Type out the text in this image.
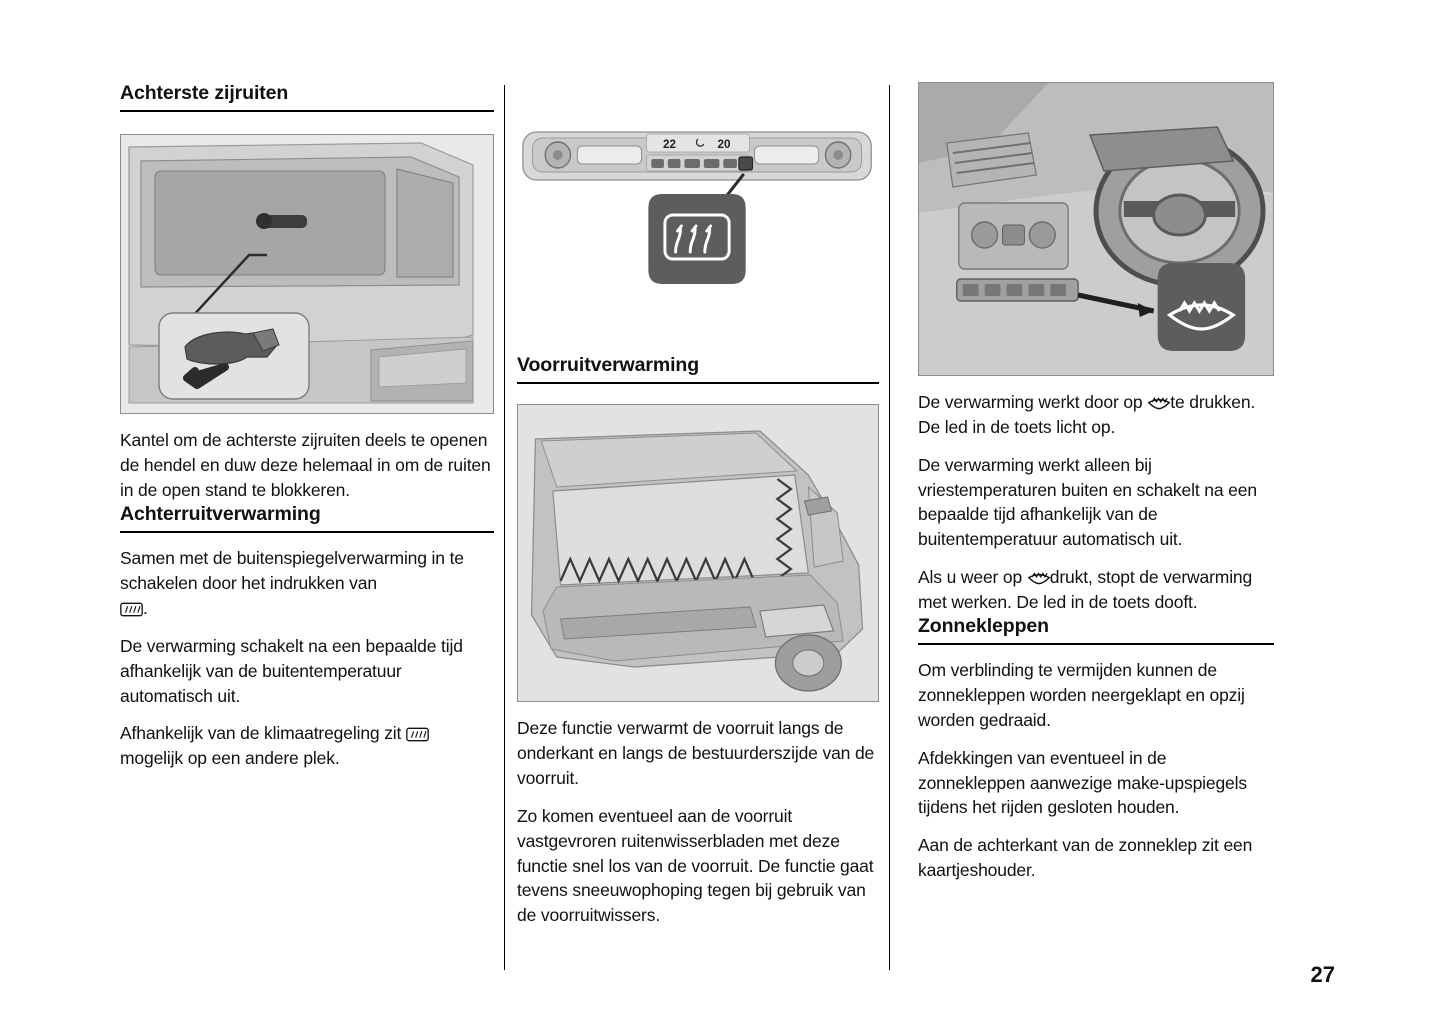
Achterste zijruiten

Kantel om de achterste zijruiten deels te openen de hendel en duw deze helemaal in om de ruiten in de open stand te blokkeren.

Achterruitverwarming

Samen met de buitenspiegelverwarming in te schakelen door het indrukken van

.

De verwarming schakelt na een bepaalde tijd afhankelijk van de buitentemperatuur automatisch uit.

Afhankelijk van de klimaatregeling zit

mogelijk op een andere plek.

22	20
Voorruitverwarming

Deze functie verwarmt de voorruit langs de onderkant en langs de bestuurderszijde van de voorruit.

Zo komen eventueel aan de voorruit vastgevroren ruitenwisserbladen met deze functie snel los van de voorruit. De functie gaat tevens sneeuwophoping tegen bij gebruik van de voorruitwissers.

De verwarming werkt door op te drukken. De led in de toets licht op.

De verwarming werkt alleen bij vriestemperaturen buiten en schakelt na een bepaalde tijd afhankelijk van de buitentemperatuur automatisch uit.

Als u weer op drukt, stopt de verwarming met werken. De led in de toets dooft.

Zonnekleppen

Om verblinding te vermijden kunnen de zonnekleppen worden neergeklapt en opzij worden gedraaid.

Afdekkingen van eventueel in de zonnekleppen aanwezige make-upspiegels tijdens het rijden gesloten houden.

Aan de achterkant van de zonneklep zit een kaartjeshouder.

27
